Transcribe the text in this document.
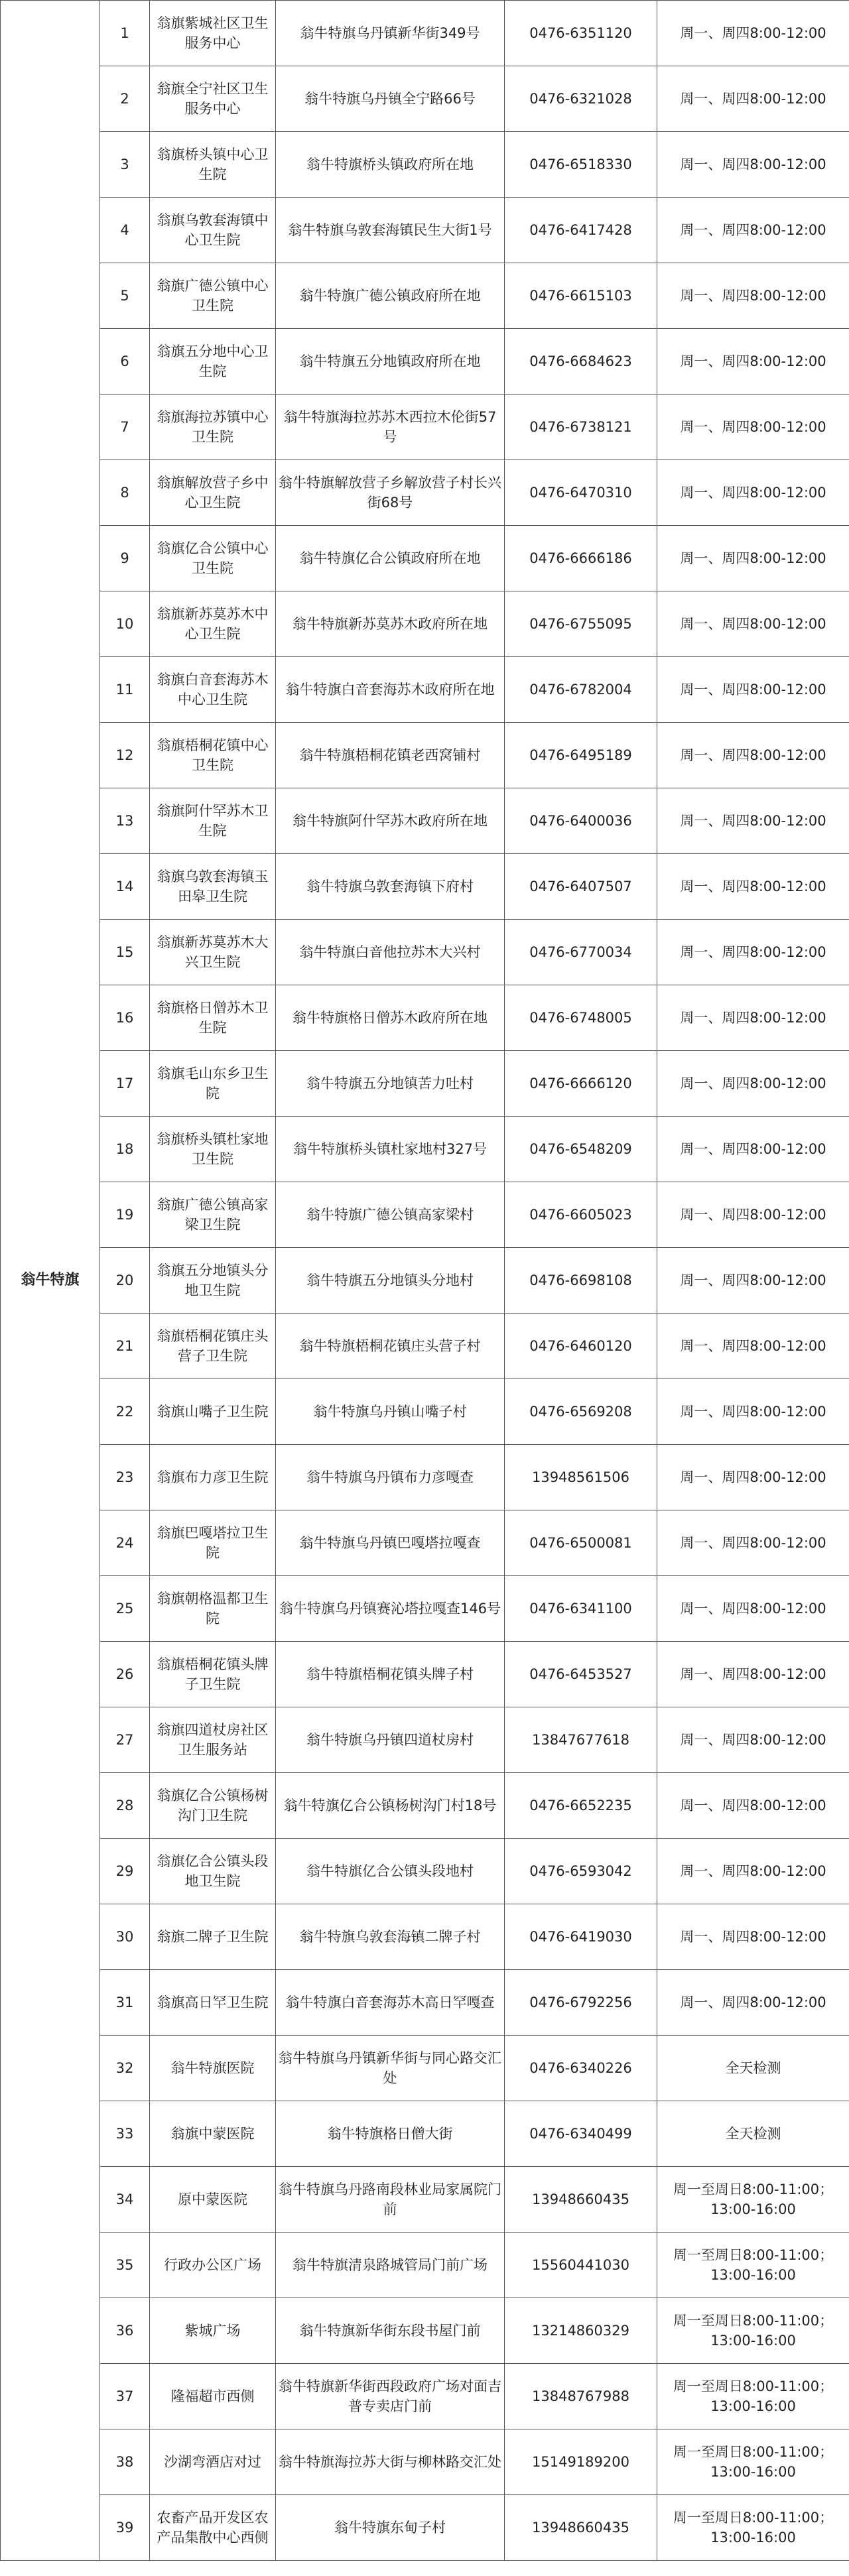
翁牛特旗	1	翁旗紫城社区卫生服务中心	翁牛特旗乌丹镇新华街349号	0476-6351120	周一、周四8:00-12:00
	2	翁旗全宁社区卫生服务中心	翁牛特旗乌丹镇全宁路66号	0476-6321028	周一、周四8:00-12:00
	3	翁旗桥头镇中心卫生院	翁牛特旗桥头镇政府所在地	0476-6518330	周一、周四8:00-12:00
	4	翁旗乌敦套海镇中心卫生院	翁牛特旗乌敦套海镇民生大街1号	0476-6417428	周一、周四8:00-12:00
	5	翁旗广德公镇中心卫生院	翁牛特旗广德公镇政府所在地	0476-6615103	周一、周四8:00-12:00
	6	翁旗五分地中心卫生院	翁牛特旗五分地镇政府所在地	0476-6684623	周一、周四8:00-12:00
	7	翁旗海拉苏镇中心卫生院	翁牛特旗海拉苏苏木西拉木伦街57号	0476-6738121	周一、周四8:00-12:00
	8	翁旗解放营子乡中心卫生院	翁牛特旗解放营子乡解放营子村长兴街68号	0476-6470310	周一、周四8:00-12:00
	9	翁旗亿合公镇中心卫生院	翁牛特旗亿合公镇政府所在地	0476-6666186	周一、周四8:00-12:00
	10	翁旗新苏莫苏木中心卫生院	翁牛特旗新苏莫苏木政府所在地	0476-6755095	周一、周四8:00-12:00
	11	翁旗白音套海苏木中心卫生院	翁牛特旗白音套海苏木政府所在地	0476-6782004	周一、周四8:00-12:00
	12	翁旗梧桐花镇中心卫生院	翁牛特旗梧桐花镇老西窝铺村	0476-6495189	周一、周四8:00-12:00
	13	翁旗阿什罕苏木卫生院	翁牛特旗阿什罕苏木政府所在地	0476-6400036	周一、周四8:00-12:00
	14	翁旗乌敦套海镇玉田皋卫生院	翁牛特旗乌敦套海镇下府村	0476-6407507	周一、周四8:00-12:00
	15	翁旗新苏莫苏木大兴卫生院	翁牛特旗白音他拉苏木大兴村	0476-6770034	周一、周四8:00-12:00
	16	翁旗格日僧苏木卫生院	翁牛特旗格日僧苏木政府所在地	0476-6748005	周一、周四8:00-12:00
	17	翁旗毛山东乡卫生院	翁牛特旗五分地镇苦力吐村	0476-6666120	周一、周四8:00-12:00
	18	翁旗桥头镇杜家地卫生院	翁牛特旗桥头镇杜家地村327号	0476-6548209	周一、周四8:00-12:00
	19	翁旗广德公镇高家梁卫生院	翁牛特旗广德公镇高家梁村	0476-6605023	周一、周四8:00-12:00
	20	翁旗五分地镇头分地卫生院	翁牛特旗五分地镇头分地村	0476-6698108	周一、周四8:00-12:00
	21	翁旗梧桐花镇庄头营子卫生院	翁牛特旗梧桐花镇庄头营子村	0476-6460120	周一、周四8:00-12:00
	22	翁旗山嘴子卫生院	翁牛特旗乌丹镇山嘴子村	0476-6569208	周一、周四8:00-12:00
	23	翁旗布力彦卫生院	翁牛特旗乌丹镇布力彦嘎查	13948561506	周一、周四8:00-12:00
	24	翁旗巴嘎塔拉卫生院	翁牛特旗乌丹镇巴嘎塔拉嘎查	0476-6500081	周一、周四8:00-12:00
	25	翁旗朝格温都卫生院	翁牛特旗乌丹镇赛沁塔拉嘎查146号	0476-6341100	周一、周四8:00-12:00
	26	翁旗梧桐花镇头牌子卫生院	翁牛特旗梧桐花镇头牌子村	0476-6453527	周一、周四8:00-12:00
	27	翁旗四道杖房社区卫生服务站	翁牛特旗乌丹镇四道杖房村	13847677618	周一、周四8:00-12:00
	28	翁旗亿合公镇杨树沟门卫生院	翁牛特旗亿合公镇杨树沟门村18号	0476-6652235	周一、周四8:00-12:00
	29	翁旗亿合公镇头段地卫生院	翁牛特旗亿合公镇头段地村	0476-6593042	周一、周四8:00-12:00
	30	翁旗二牌子卫生院	翁牛特旗乌敦套海镇二牌子村	0476-6419030	周一、周四8:00-12:00
	31	翁旗高日罕卫生院	翁牛特旗白音套海苏木高日罕嘎查	0476-6792256	周一、周四8:00-12:00
	32	翁牛特旗医院	翁牛特旗乌丹镇新华街与同心路交汇处	0476-6340226	全天检测
	33	翁旗中蒙医院	翁牛特旗格日僧大街	0476-6340499	全天检测
	34	原中蒙医院	翁牛特旗乌丹路南段林业局家属院门前	13948660435	周一至周日8:00-11:00；13:00-16:00
	35	行政办公区广场	翁牛特旗清泉路城管局门前广场	15560441030	周一至周日8:00-11:00；13:00-16:00
	36	紫城广场	翁牛特旗新华街东段书屋门前	13214860329	周一至周日8:00-11:00；13:00-16:00
	37	隆福超市西侧	翁牛特旗新华街西段政府广场对面吉普专卖店门前	13848767988	周一至周日8:00-11:00；13:00-16:00
	38	沙湖弯酒店对过	翁牛特旗海拉苏大街与柳林路交汇处	15149189200	周一至周日8:00-11:00；13:00-16:00
	39	农畜产品开发区农产品集散中心西侧	翁牛特旗东甸子村	13948660435	周一至周日8:00-11:00；13:00-16:00
